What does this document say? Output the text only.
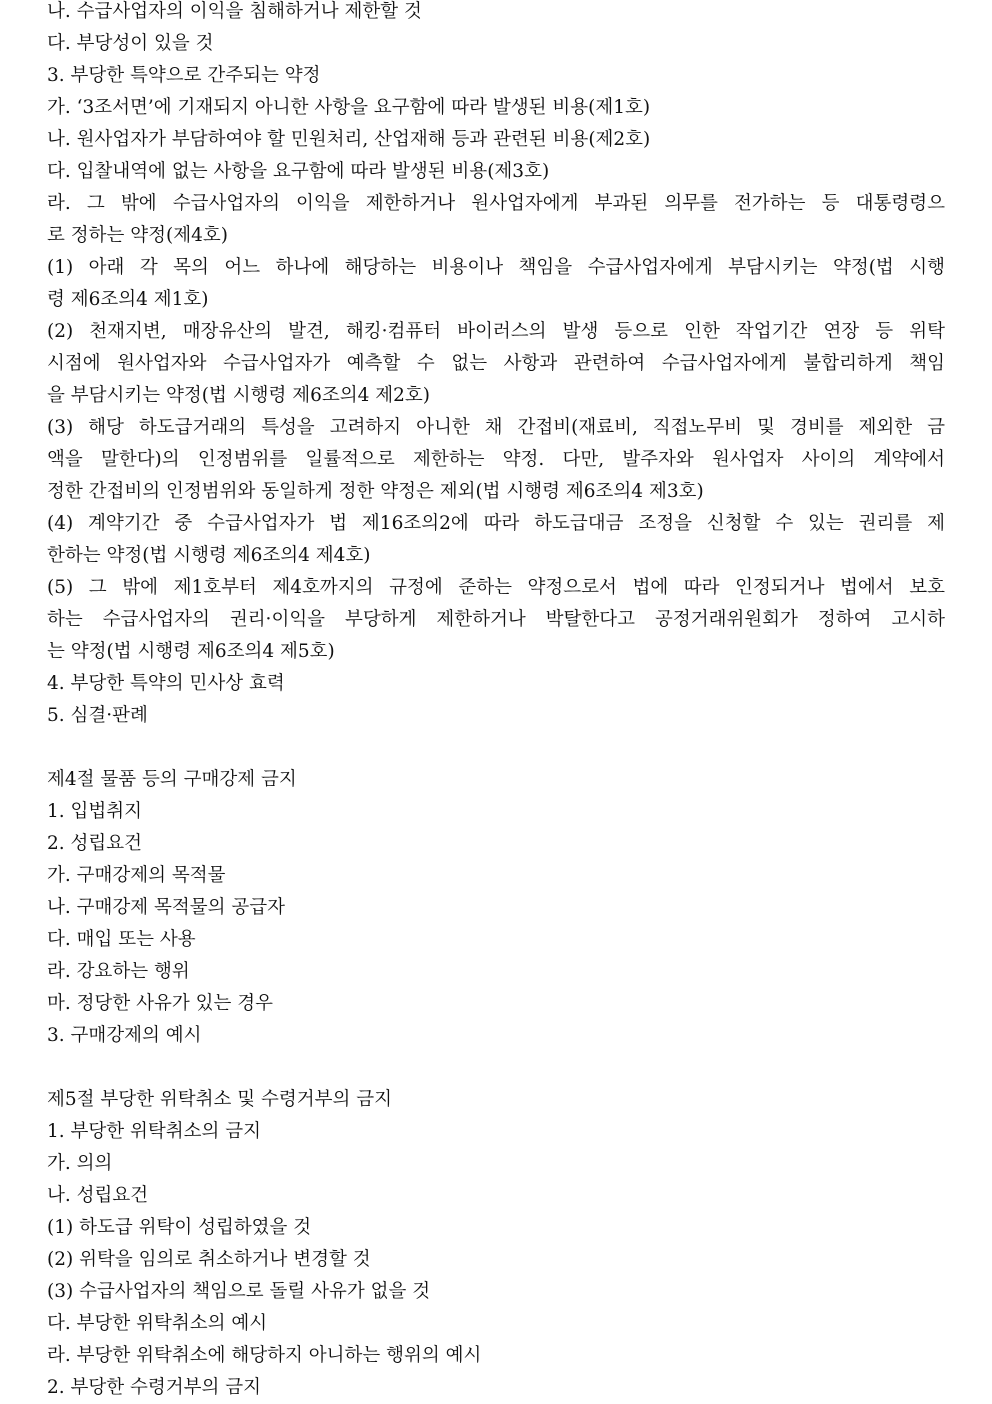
나. 수급사업자의 이익을 침해하거나 제한할 것
다. 부당성이 있을 것
3. 부당한 특약으로 간주되는 약정
가. ‘3조서면’에 기재되지 아니한 사항을 요구함에 따라 발생된 비용(제1호)
나. 원사업자가 부담하여야 할 민원처리, 산업재해 등과 관련된 비용(제2호)
다. 입찰내역에 없는 사항을 요구함에 따라 발생된 비용(제3호)
라. 그 밖에 수급사업자의 이익을 제한하거나 원사업자에게 부과된 의무를 전가하는 등 대통령령으
로 정하는 약정(제4호)
(1) 아래 각 목의 어느 하나에 해당하는 비용이나 책임을 수급사업자에게 부담시키는 약정(법 시행
령 제6조의4 제1호)
(2) 천재지변, 매장유산의 발견, 해킹·컴퓨터 바이러스의 발생 등으로 인한 작업기간 연장 등 위탁
시점에 원사업자와 수급사업자가 예측할 수 없는 사항과 관련하여 수급사업자에게 불합리하게 책임
을 부담시키는 약정(법 시행령 제6조의4 제2호)
(3) 해당 하도급거래의 특성을 고려하지 아니한 채 간접비(재료비, 직접노무비 및 경비를 제외한 금
액을 말한다)의 인정범위를 일률적으로 제한하는 약정. 다만, 발주자와 원사업자 사이의 계약에서
정한 간접비의 인정범위와 동일하게 정한 약정은 제외(법 시행령 제6조의4 제3호)
(4) 계약기간 중 수급사업자가 법 제16조의2에 따라 하도급대금 조정을 신청할 수 있는 권리를 제
한하는 약정(법 시행령 제6조의4 제4호)
(5) 그 밖에 제1호부터 제4호까지의 규정에 준하는 약정으로서 법에 따라 인정되거나 법에서 보호
하는 수급사업자의 권리·이익을 부당하게 제한하거나 박탈한다고 공정거래위원회가 정하여 고시하
는 약정(법 시행령 제6조의4 제5호)
4. 부당한 특약의 민사상 효력
5. 심결·판례
제4절 물품 등의 구매강제 금지
1. 입법취지
2. 성립요건
가. 구매강제의 목적물
나. 구매강제 목적물의 공급자
다. 매입 또는 사용
라. 강요하는 행위
마. 정당한 사유가 있는 경우
3. 구매강제의 예시
제5절 부당한 위탁취소 및 수령거부의 금지
1. 부당한 위탁취소의 금지
가. 의의
나. 성립요건
(1) 하도급 위탁이 성립하였을 것
(2) 위탁을 임의로 취소하거나 변경할 것
(3) 수급사업자의 책임으로 돌릴 사유가 없을 것
다. 부당한 위탁취소의 예시
라. 부당한 위탁취소에 해당하지 아니하는 행위의 예시
2. 부당한 수령거부의 금지
